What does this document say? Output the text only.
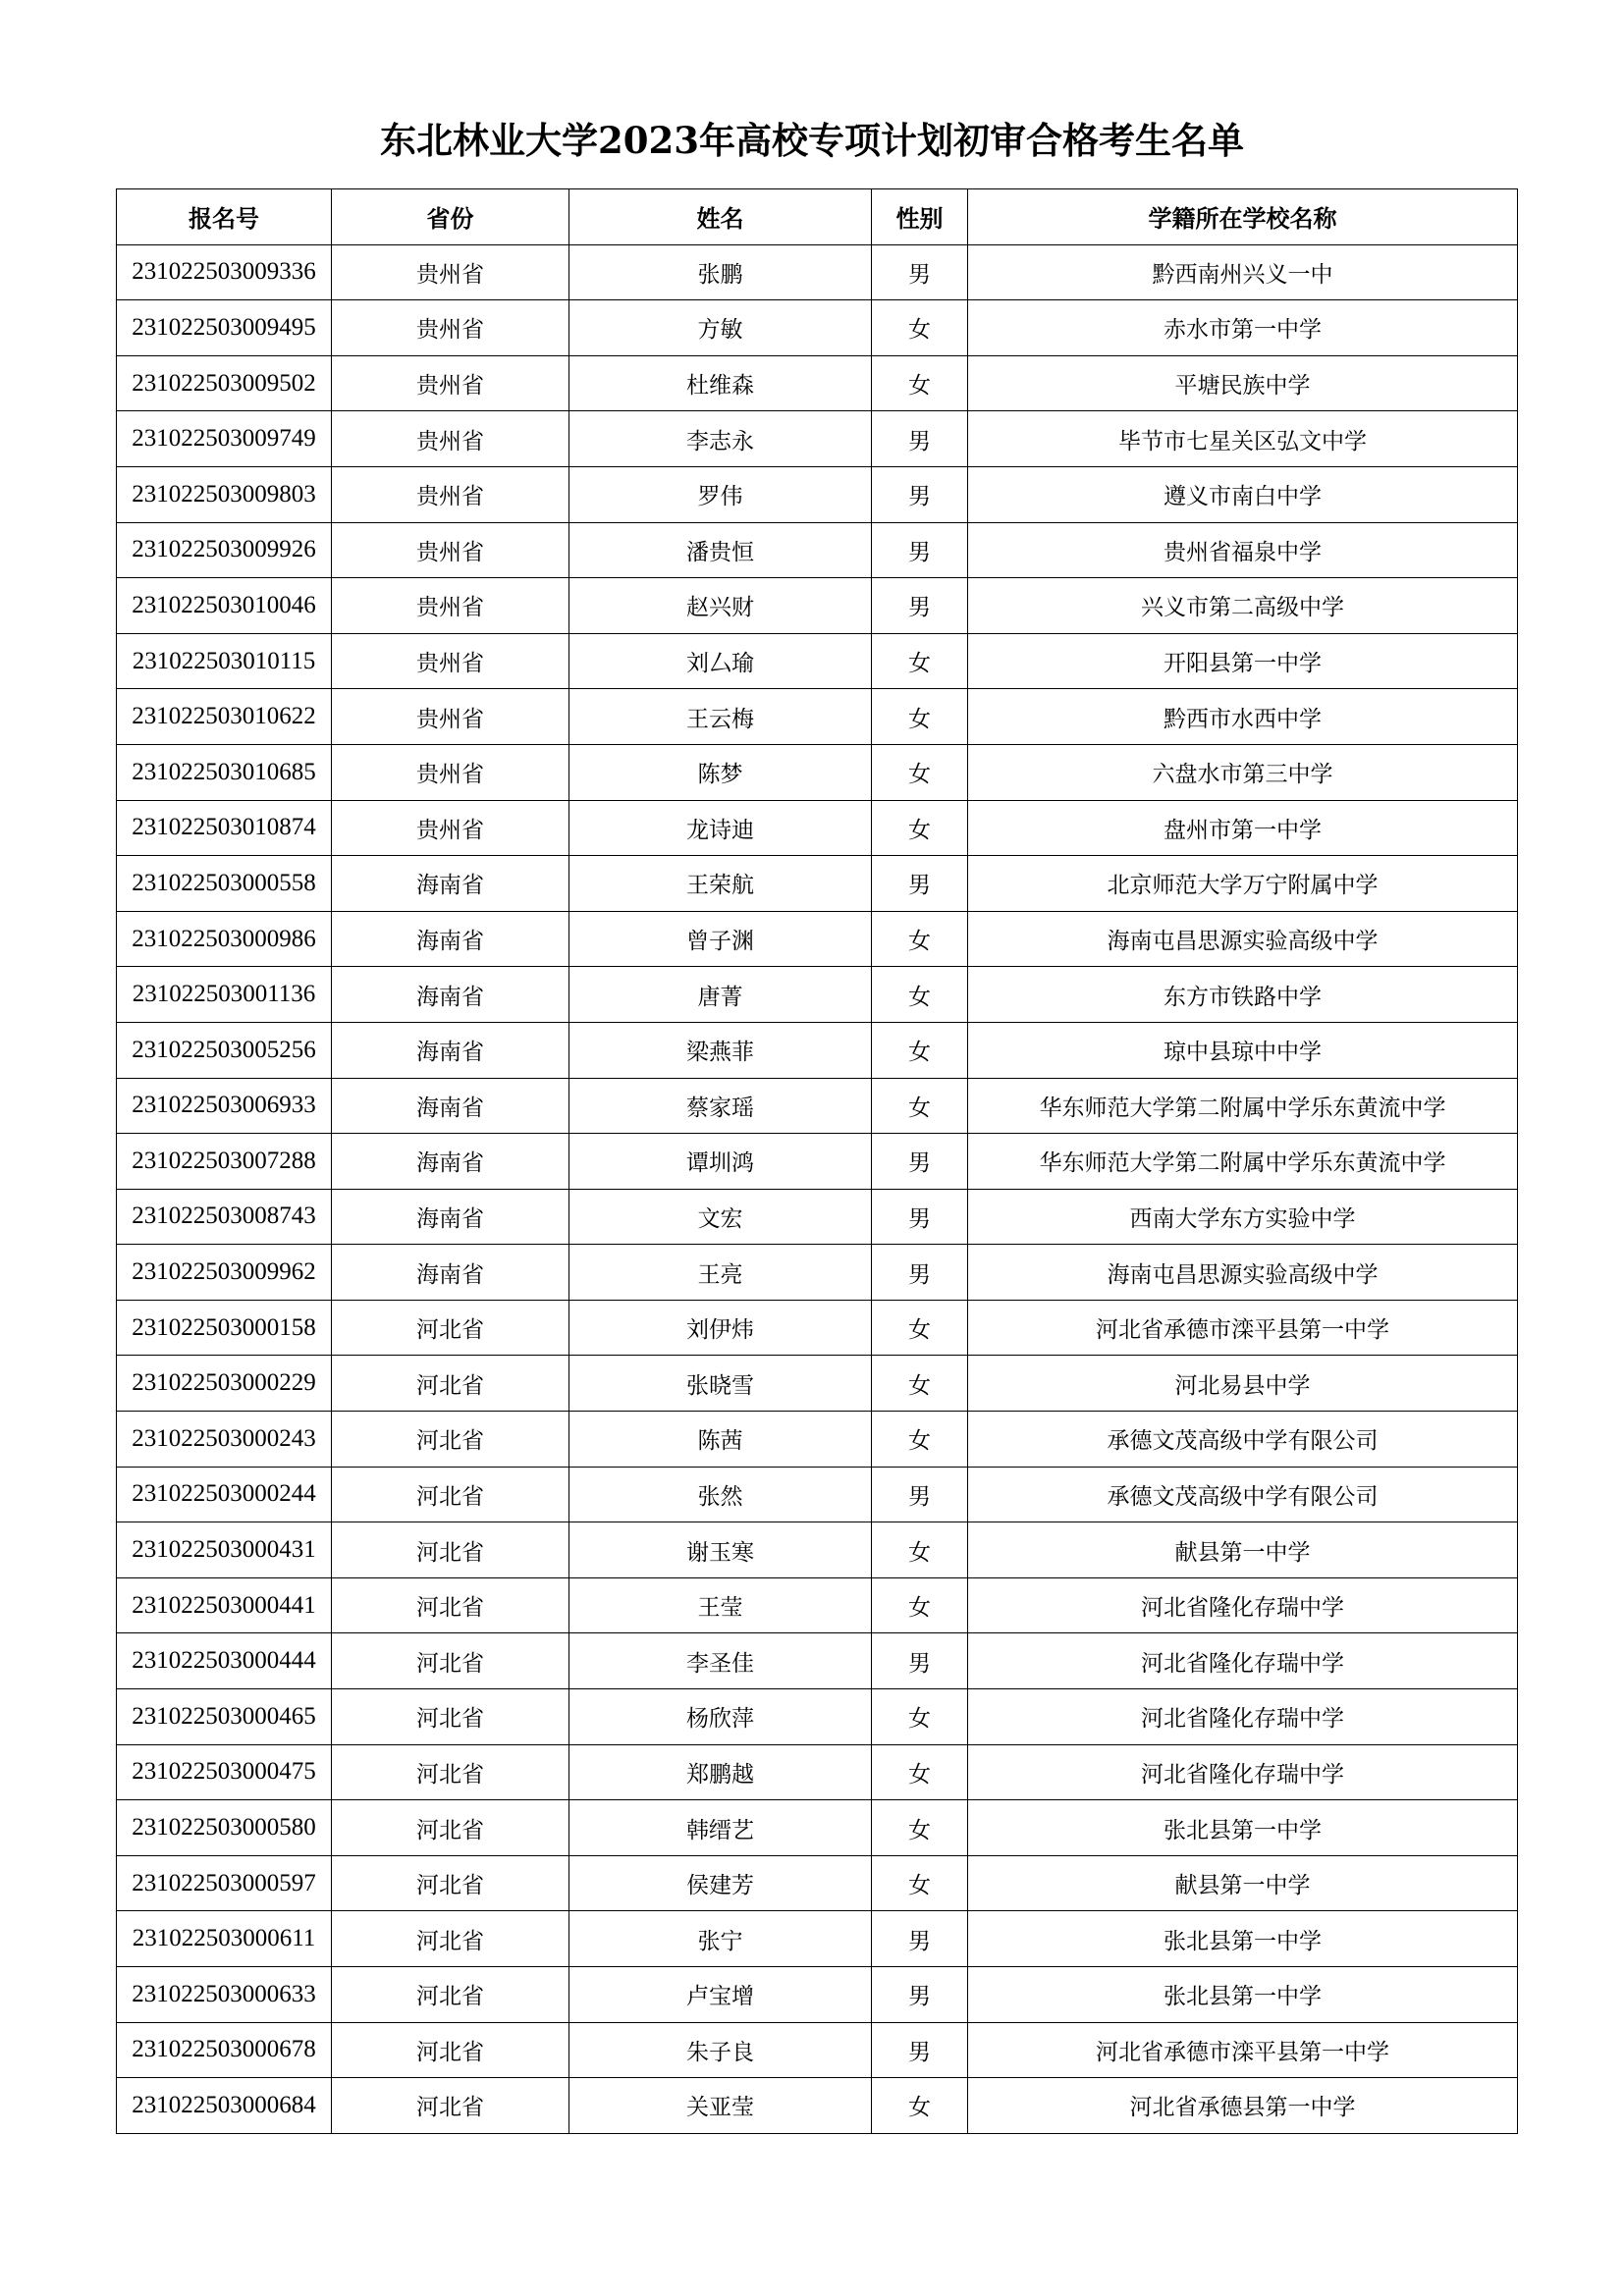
东北林业大学2023年高校专项计划初审合格考生名单
报名号	省份	姓名	性别	学籍所在学校名称
231022503009336	贵州省	张鹏	男	黔西南州兴义一中
231022503009495	贵州省	方敏	女	赤水市第一中学
231022503009502	贵州省	杜维森	女	平塘民族中学
231022503009749	贵州省	李志永	男	毕节市七星关区弘文中学
231022503009803	贵州省	罗伟	男	遵义市南白中学
231022503009926	贵州省	潘贵恒	男	贵州省福泉中学
231022503010046	贵州省	赵兴财	男	兴义市第二高级中学
231022503010115	贵州省	刘厶瑜	女	开阳县第一中学
231022503010622	贵州省	王云梅	女	黔西市水西中学
231022503010685	贵州省	陈梦	女	六盘水市第三中学
231022503010874	贵州省	龙诗迪	女	盘州市第一中学
231022503000558	海南省	王荣航	男	北京师范大学万宁附属中学
231022503000986	海南省	曾子渊	女	海南屯昌思源实验高级中学
231022503001136	海南省	唐菁	女	东方市铁路中学
231022503005256	海南省	梁燕菲	女	琼中县琼中中学
231022503006933	海南省	蔡家瑶	女	华东师范大学第二附属中学乐东黄流中学
231022503007288	海南省	谭圳鸿	男	华东师范大学第二附属中学乐东黄流中学
231022503008743	海南省	文宏	男	西南大学东方实验中学
231022503009962	海南省	王亮	男	海南屯昌思源实验高级中学
231022503000158	河北省	刘伊炜	女	河北省承德市滦平县第一中学
231022503000229	河北省	张晓雪	女	河北易县中学
231022503000243	河北省	陈茜	女	承德文茂高级中学有限公司
231022503000244	河北省	张然	男	承德文茂高级中学有限公司
231022503000431	河北省	谢玉寒	女	献县第一中学
231022503000441	河北省	王莹	女	河北省隆化存瑞中学
231022503000444	河北省	李圣佳	男	河北省隆化存瑞中学
231022503000465	河北省	杨欣萍	女	河北省隆化存瑞中学
231022503000475	河北省	郑鹏越	女	河北省隆化存瑞中学
231022503000580	河北省	韩缙艺	女	张北县第一中学
231022503000597	河北省	侯建芳	女	献县第一中学
231022503000611	河北省	张宁	男	张北县第一中学
231022503000633	河北省	卢宝增	男	张北县第一中学
231022503000678	河北省	朱子良	男	河北省承德市滦平县第一中学
231022503000684	河北省	关亚莹	女	河北省承德县第一中学
